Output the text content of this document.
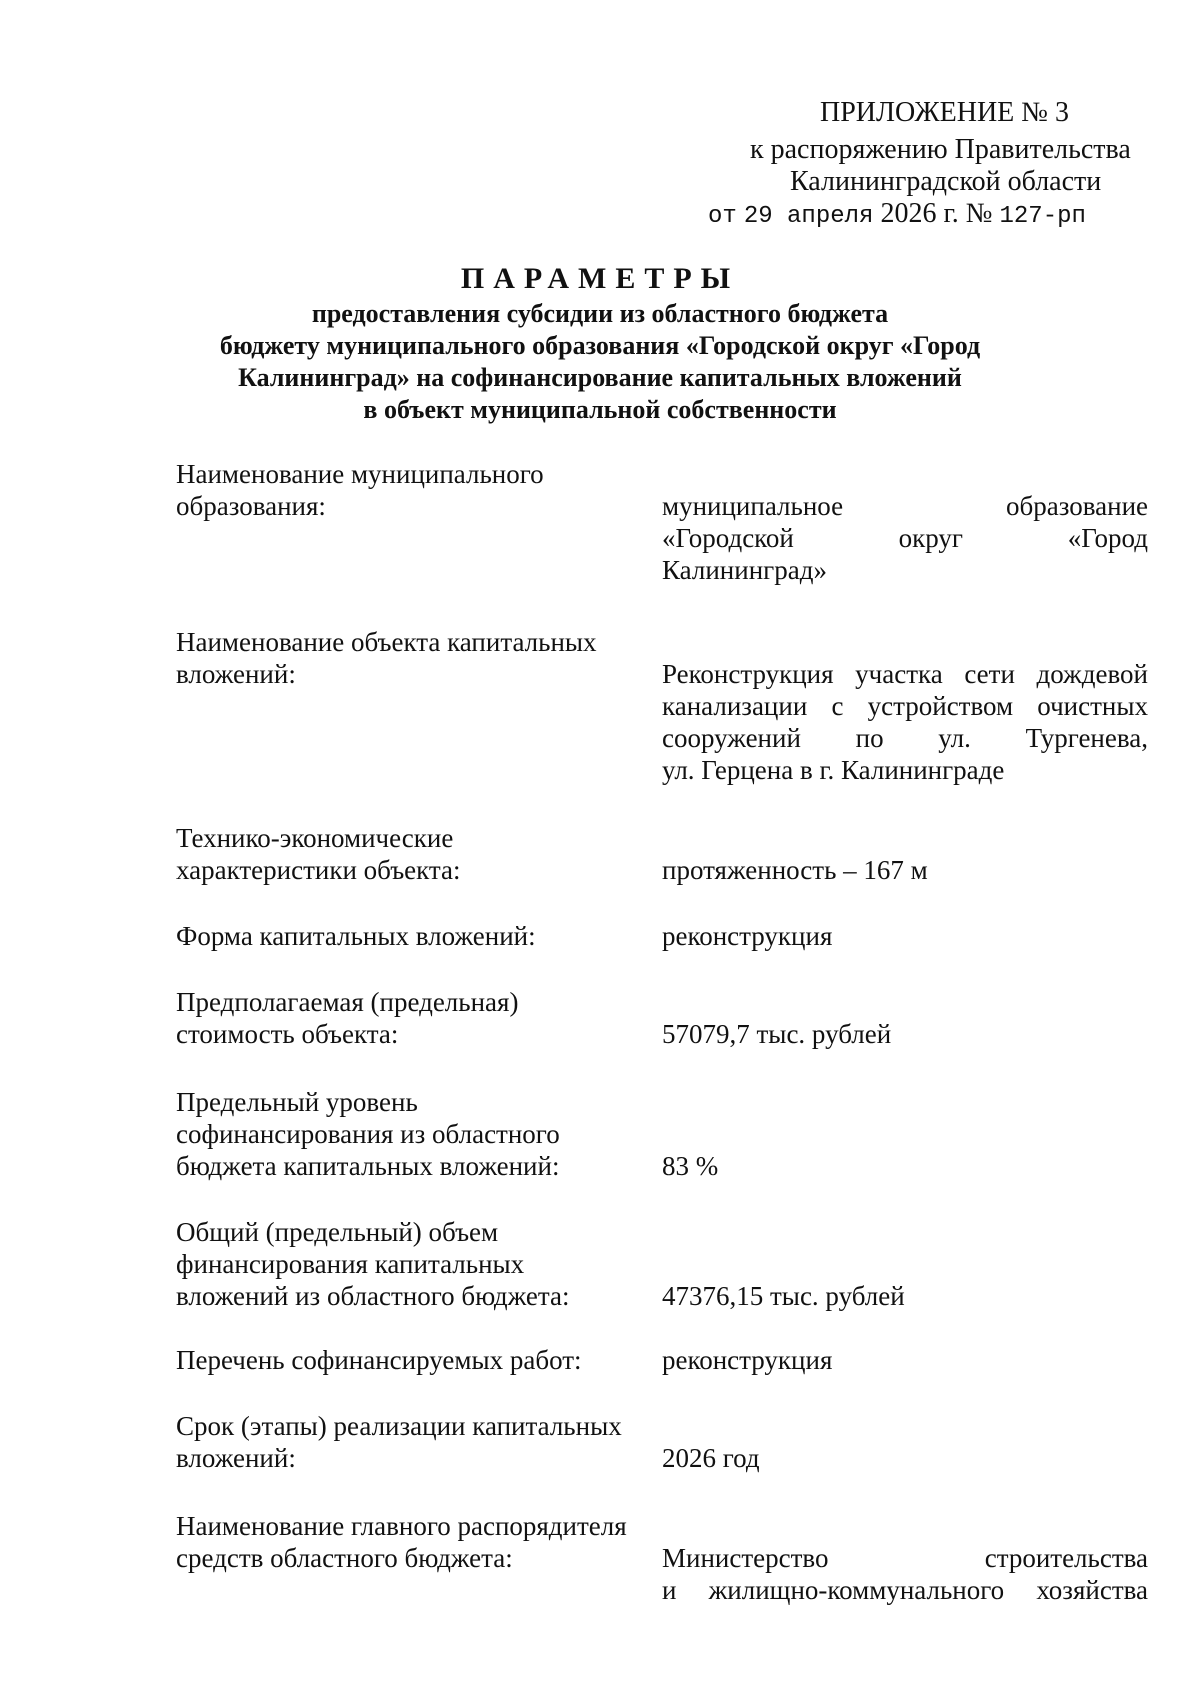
ПРИЛОЖЕНИЕ № 3
к распоряжению Правительства
Калининградской области
от 29 апреля 2026 г. № 127-рп
ПАРАМЕТРЫ
предоставления субсидии из областного бюджета
бюджету муниципального образования «Городской округ «Город
Калининград» на софинансирование капитальных вложений
в объект муниципальной собственности
Наименование муниципального
образования:	муниципальное образование
«Городской округ «Город
Калининград»
Наименование объекта капитальных
вложений:	Реконструкция участка сети дождевой
канализации с устройством очистных
сооружений по ул. Тургенева,
ул. Герцена в г. Калининграде
Технико-экономические
характеристики объекта:	протяженность – 167 м
Форма капитальных вложений:	реконструкция
Предполагаемая (предельная)
стоимость объекта:	57079,7 тыс. рублей
Предельный уровень
софинансирования из областного
бюджета капитальных вложений:	83 %
Общий (предельный) объем
финансирования капитальных
вложений из областного бюджета:	47376,15 тыс. рублей
Перечень софинансируемых работ:	реконструкция
Срок (этапы) реализации капитальных
вложений:	2026 год
Наименование главного распорядителя
средств областного бюджета:	Министерство строительства
и жилищно-коммунального хозяйства
